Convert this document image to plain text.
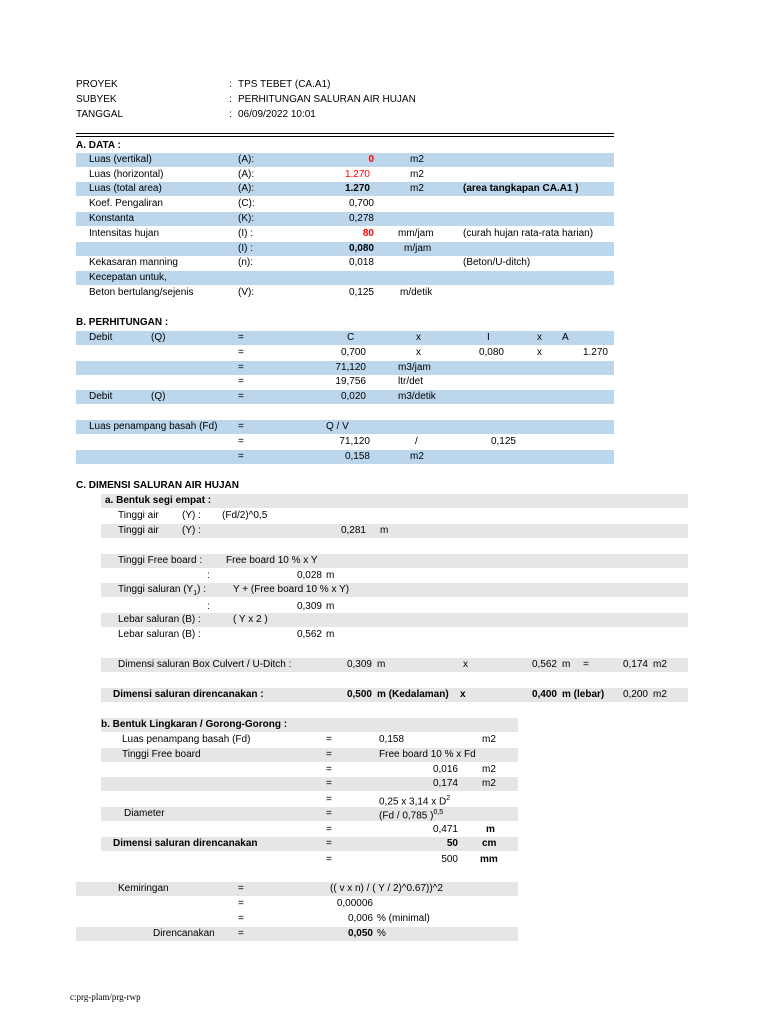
PROYEK	: TPS TEBET (CA.A1)
SUBYEK	: PERHITUNGAN SALURAN AIR HUJAN
TANGGAL	: 06/09/2022 10:01
A. DATA :
Luas (vertikal)	(A):	0	m2
Luas (horizontal)	(A):	1.270	m2
Luas (total area)	(A):	1.270	m2	(area tangkapan CA.A1 )
Koef. Pengaliran	(C):	0,700
Konstanta	(K):	0,278
Intensitas hujan	(I) :	80 mm/jam	(curah hujan rata-rata harian)
(I) :	0,080	m/jam
Kekasaran manning	(n):	0,018	(Beton/U-ditch)
Kecepatan untuk,
Beton bertulang/sejenis	(V):	0,125	m/detik
B. PERHITUNGAN :
Debit	(Q)	=	C	x	I	x A
=	0,700	x	0,080	x	1.270
=	71,120	m3/jam
=	19,756	ltr/det
Debit	(Q)	=	0,020	m3/detik
Luas penampang basah (Fd) =	Q / V
=	71,120	/	0,125
=	0,158	m2
C. DIMENSI SALURAN AIR HUJAN
a. Bentuk segi empat :
Tinggi air (Y) : (Fd/2)^0,5
Tinggi air (Y) :	0,281 m
Tinggi Free board : Free board 10 % x Y
:	0,028 m
Tinggi saluran $(Y_1)$ :	Y + (Free board 10 % x Y)
:	0,309 m
Lebar saluran (B) :	( Y x 2 )
Lebar saluran (B) :	0,562 m
Dimensi saluran Box Culvert / U-Ditch :	0,309 m	x	0,562 m =	0,174 m2
Dimensi saluran direncanakan :	0,500 m (Kedalaman) x	0,400 m (lebar)	0,200 m2
b. Bentuk Lingkaran / Gorong-Gorong :
Luas penampang basah (Fd)	=	0,158	m2
Tinggi Free board	=	Free board 10 % x Fd
=	0,016 m2
=	0,174 m2
=	0,25 x 3,14 x $D^2$
Diameter	=	(Fd / 0,785 )$^{0,5}$
=	0,471	m
Dimensi saluran direncanakan	=	50 cm
=	500 mm
Kemiringan	=	(( v x n) / ( Y / 2)^0.67))^2
=	0,00006
=	0,006 % (minimal)
Direncanakan =	0,050 %
c:prg-plam/prg-rwp
